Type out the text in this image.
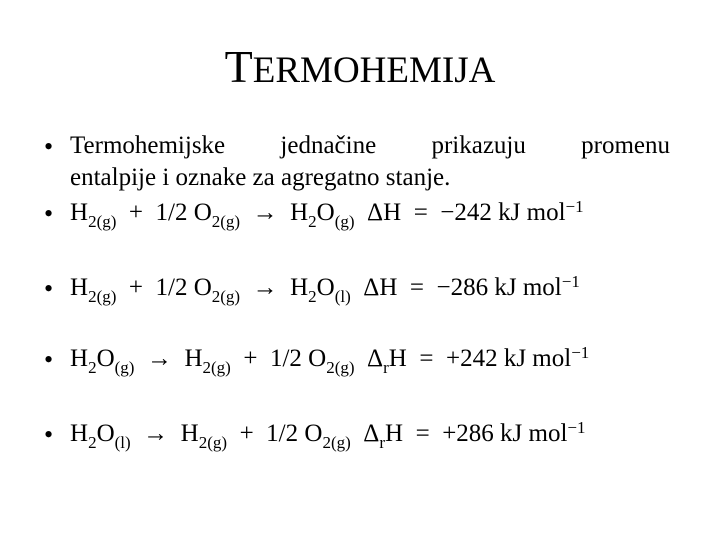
TERMOHEMIJA
• Termohemijske jednačine prikazuju promenu
entalpije i oznake za agregatno stanje.
• $H_{2(g)} + 1/2$ $O_{2(g)} \to H_2O_{(g)}$ ΔH = −242 kJ mol$^{-1}$
• $H_{2(g)} + 1/2$ $O_{2(g)} \to H_2O_{(l)}$ ΔH = −286 kJ mol$^{-1}$
• $H_2O_{(g)} \to H_{2(g)} + 1/2$ $O_{2(g)}$ $\Delta_rH = +242$ kJ mol$^{-1}$
• $H_2O_{(l)} \to H_{2(g)} + 1/2$ $O_{2(g)}$ $\Delta_rH = +286$ kJ mol$^{-1}$
